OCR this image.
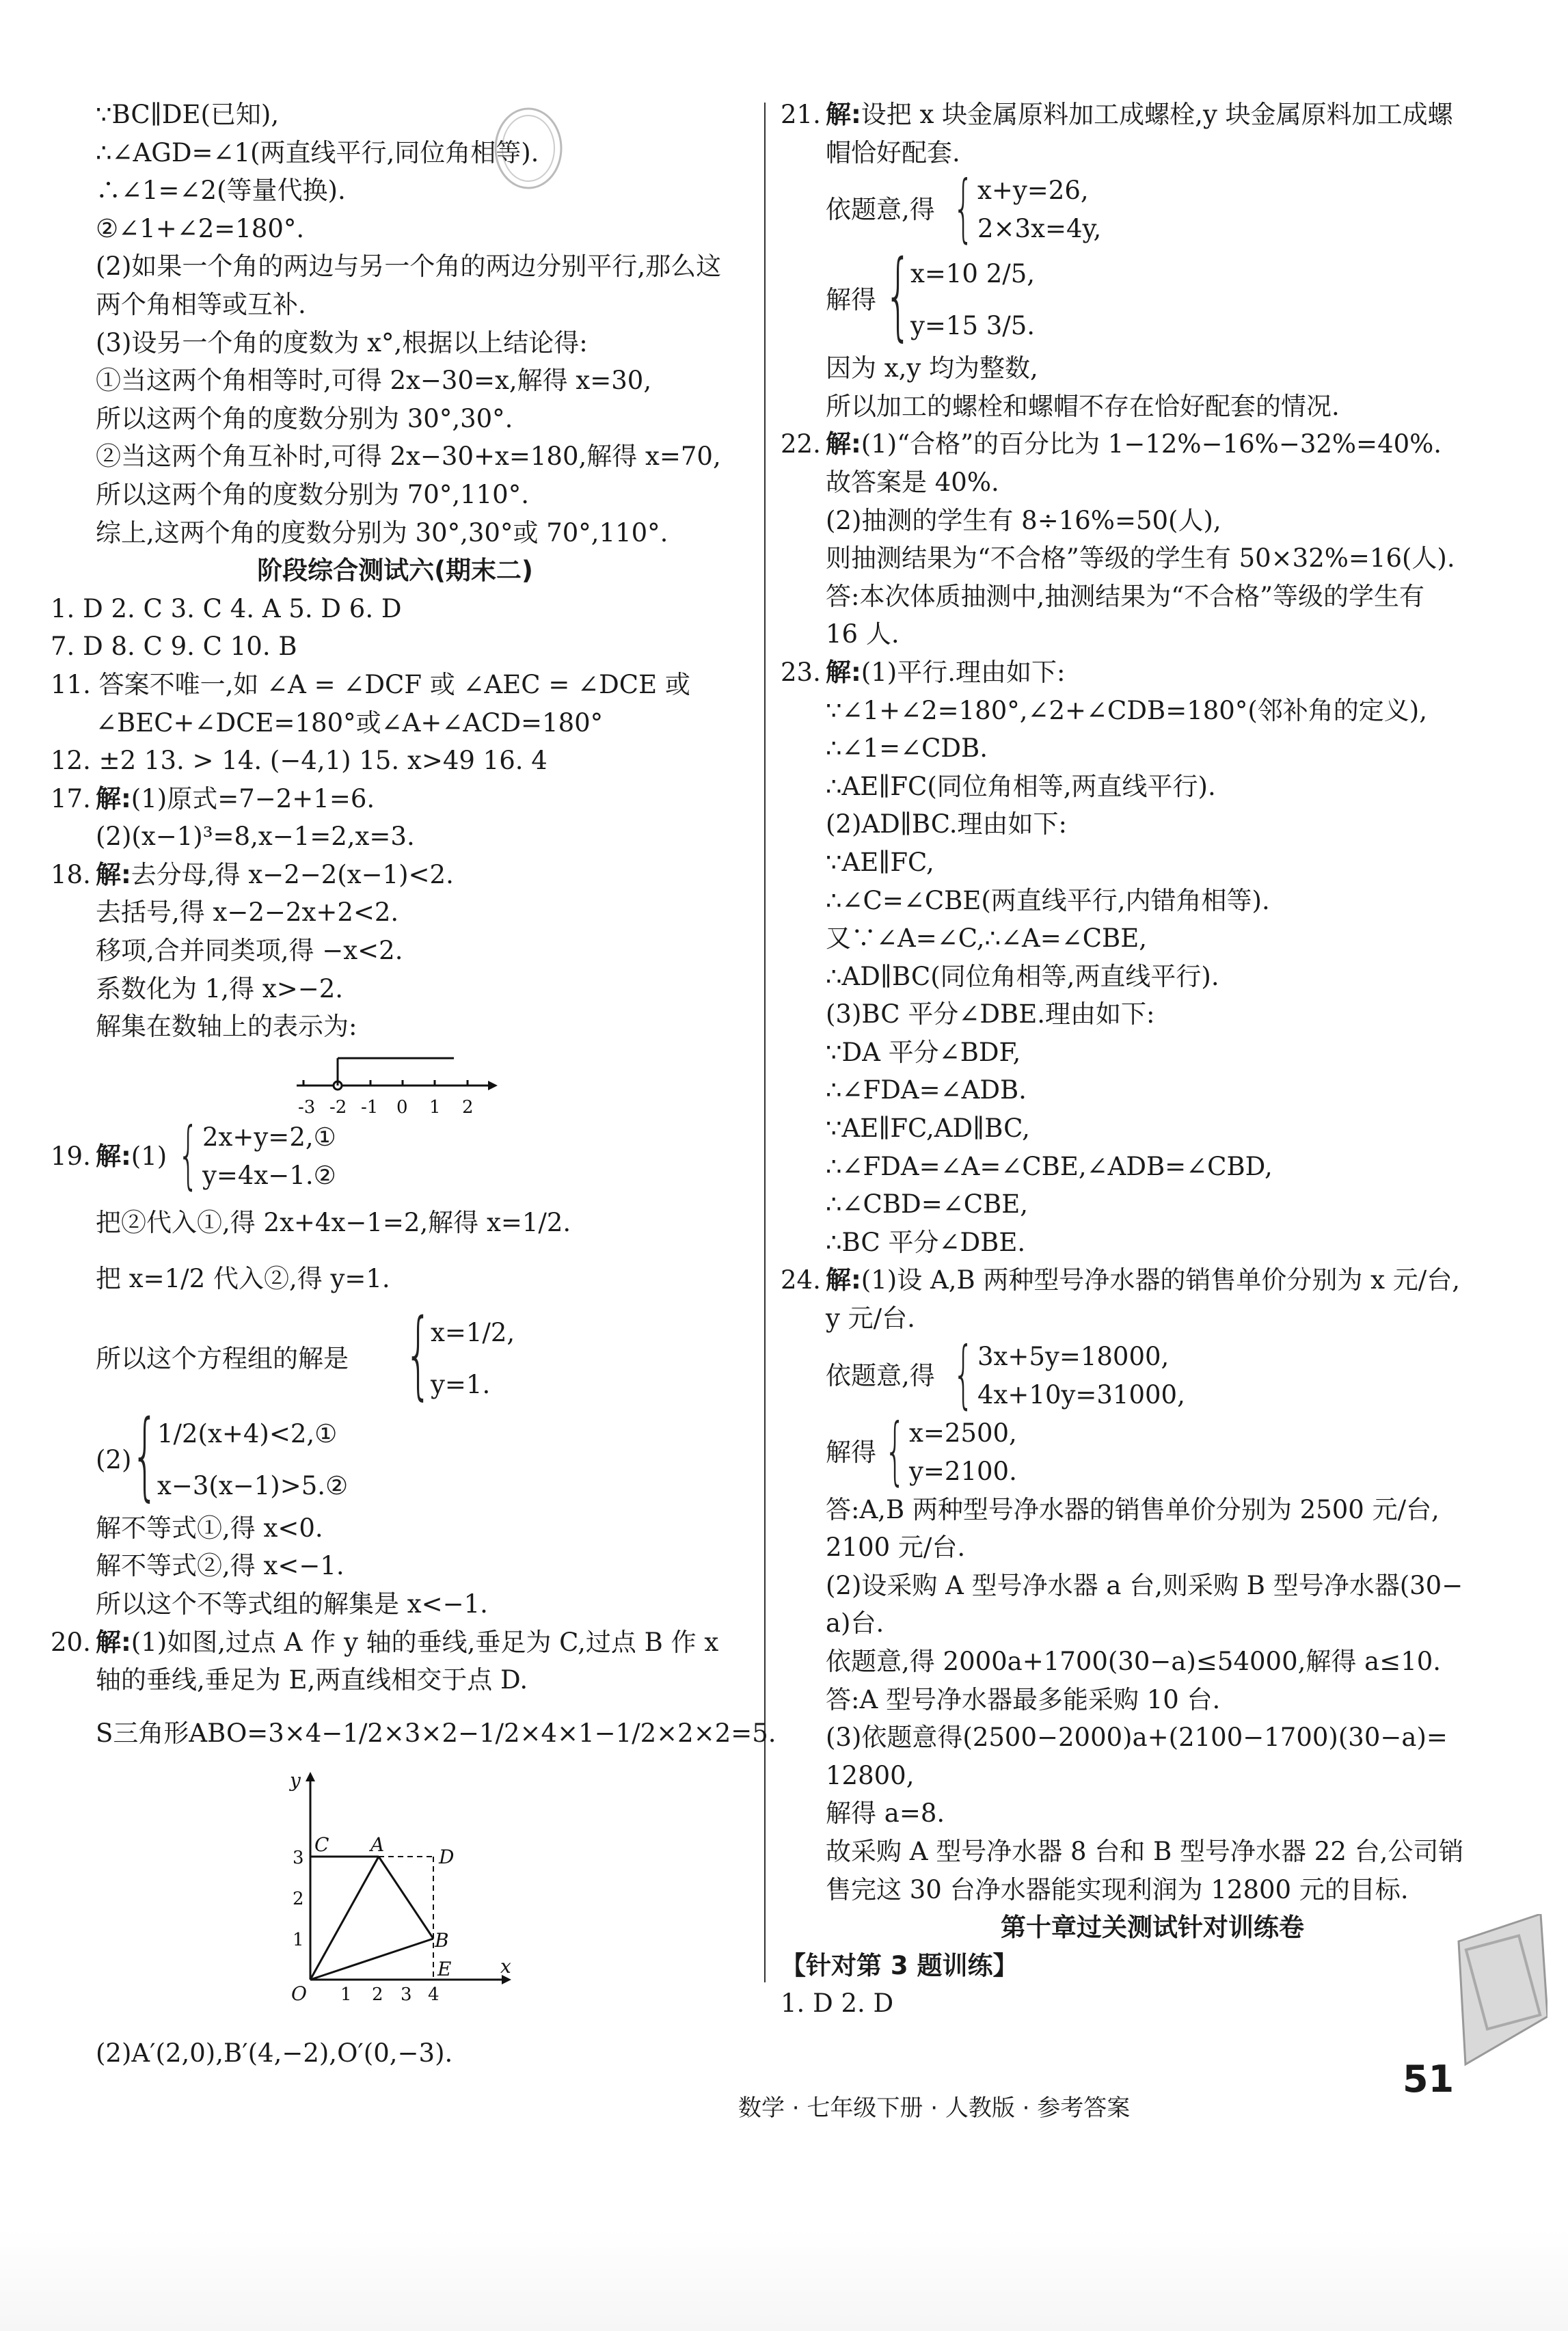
∵BC∥DE(已知),
∴∠AGD=∠1(两直线平行,同位角相等).
∴∠1=∠2(等量代换).
②∠1+∠2=180°.
(2)如果一个角的两边与另一个角的两边分别平行,那么这
两个角相等或互补.
(3)设另一个角的度数为 x°,根据以上结论得:
①当这两个角相等时,可得 2x−30=x,解得 x=30,
所以这两个角的度数分别为 30°,30°.
②当这两个角互补时,可得 2x−30+x=180,解得 x=70,
所以这两个角的度数分别为 70°,110°.
综上,这两个角的度数分别为 30°,30°或 70°,110°.
阶段综合测试六(期末二)
1. D 2. C 3. C 4. A 5. D 6. D
7. D 8. C 9. C 10. B
11. 答案不唯一,如 ∠A = ∠DCF 或 ∠AEC = ∠DCE 或
∠BEC+∠DCE=180°或∠A+∠ACD=180°
12. ±2 13. > 14. (−4,1) 15. x>49 16. 4
17. 解:(1)原式=7−2+1=6.
(2)(x−1)³=8,x−1=2,x=3.
18. 解:去分母,得 x−2−2(x−1)<2.
去括号,得 x−2−2x+2<2.
移项,合并同类项,得 −x<2.
系数化为 1,得 x>−2.
解集在数轴上的表示为:
-3 -2 -1 0 1 2
19. 解:(1) { 2x+y=2,①
y=4x−1.②
把②代入①,得 2x+4x−1=2,解得 x=1/2.
把 x=1/2 代入②,得 y=1.
所以这个方程组的解是 {
x=1/2,
y=1.
(2) {
1/2(x+4)<2,①
x−3(x−1)>5.②
解不等式①,得 x<0.
解不等式②,得 x<−1.
所以这个不等式组的解集是 x<−1.
20. 解:(1)如图,过点 A 作 y 轴的垂线,垂足为 C,过点 B 作 x
轴的垂线,垂足为 E,两直线相交于点 D.
S三角形ABO=3×4−1/2×3×2−1/2×4×1−1/2×2×2=5.
y
x
O
A
B
C
D
E
1
2
3
1 2 3 4
(2)A′(2,0),B′(4,−2),O′(0,−3).
21. 解:设把 x 块金属原料加工成螺栓,y 块金属原料加工成螺
帽恰好配套.
依题意,得 { x+y=26,
2×3x=4y,
解得 {
x=10 2/5,
y=15 3/5.
因为 x,y 均为整数,
所以加工的螺栓和螺帽不存在恰好配套的情况.
22. 解:(1)“合格”的百分比为 1−12%−16%−32%=40%.
故答案是 40%.
(2)抽测的学生有 8÷16%=50(人),
则抽测结果为“不合格”等级的学生有 50×32%=16(人).
答:本次体质抽测中,抽测结果为“不合格”等级的学生有
16 人.
23. 解:(1)平行.理由如下:
∵∠1+∠2=180°,∠2+∠CDB=180°(邻补角的定义),
∴∠1=∠CDB.
∴AE∥FC(同位角相等,两直线平行).
(2)AD∥BC.理由如下:
∵AE∥FC,
∴∠C=∠CBE(两直线平行,内错角相等).
又∵∠A=∠C,∴∠A=∠CBE,
∴AD∥BC(同位角相等,两直线平行).
(3)BC 平分∠DBE.理由如下:
∵DA 平分∠BDF,
∴∠FDA=∠ADB.
∵AE∥FC,AD∥BC,
∴∠FDA=∠A=∠CBE,∠ADB=∠CBD,
∴∠CBD=∠CBE,
∴BC 平分∠DBE.
24. 解:(1)设 A,B 两种型号净水器的销售单价分别为 x 元/台,
y 元/台.
依题意,得 { 3x+5y=18000,
4x+10y=31000,
解得 { x=2500,
y=2100.
答:A,B 两种型号净水器的销售单价分别为 2500 元/台,
2100 元/台.
(2)设采购 A 型号净水器 a 台,则采购 B 型号净水器(30−
a)台.
依题意,得 2000a+1700(30−a)≤54000,解得 a≤10.
答:A 型号净水器最多能采购 10 台.
(3)依题意得(2500−2000)a+(2100−1700)(30−a)=
12800,
解得 a=8.
故采购 A 型号净水器 8 台和 B 型号净水器 22 台,公司销
售完这 30 台净水器能实现利润为 12800 元的目标.
第十章过关测试针对训练卷
【针对第 3 题训练】
1. D 2. D
51
数学 · 七年级下册 · 人教版 · 参考答案
